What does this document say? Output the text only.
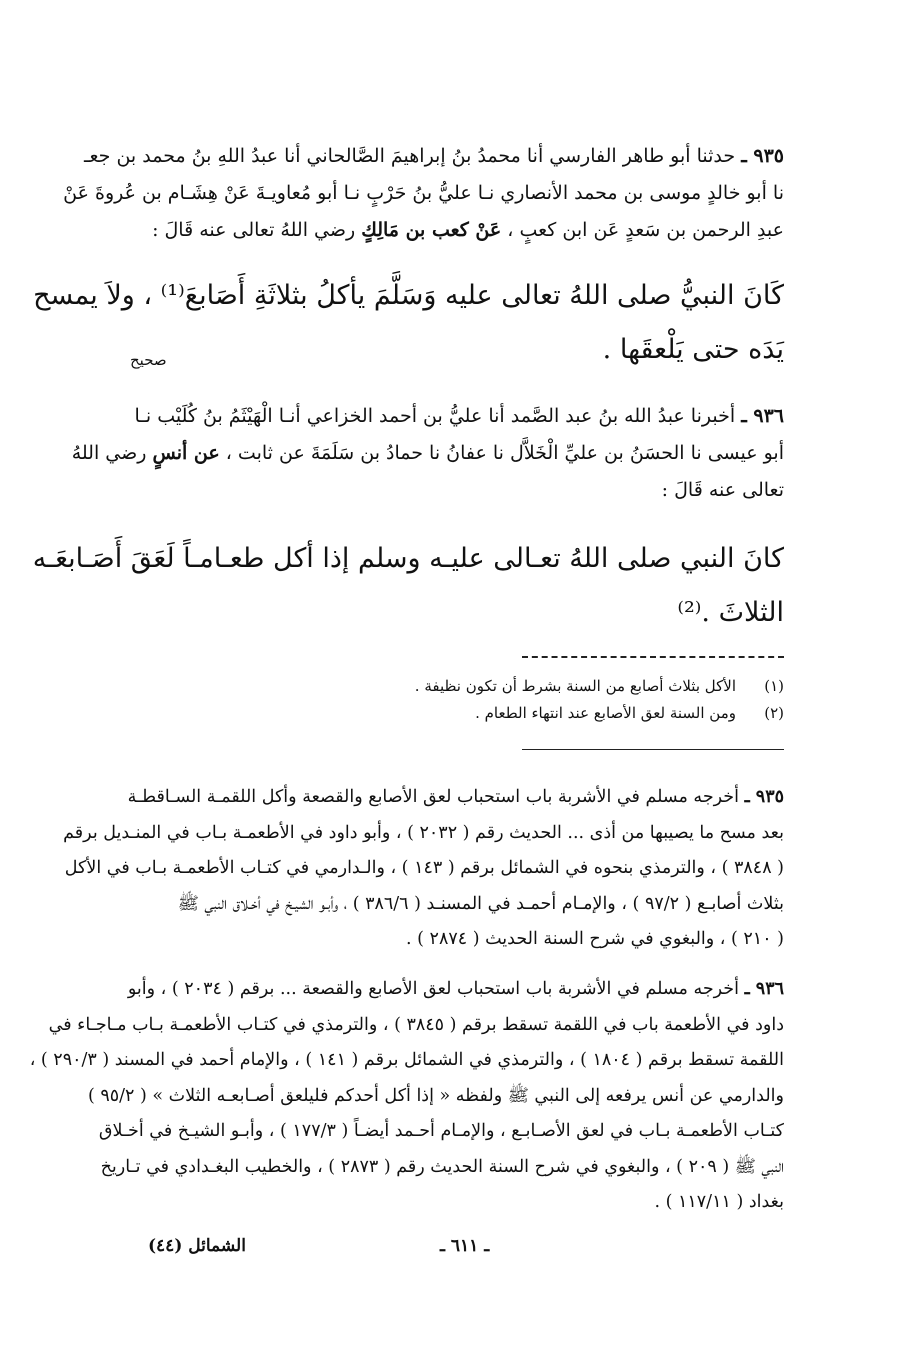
٩٣٥ ـ حدثنا أبو طاهر الفارسي أنا محمدُ بنُ إبراهيمَ الصَّالحاني أنا عبدُ اللهِ بنُ محمد بن جعـ
نا أبو خالدٍ موسى بن محمد الأنصاري نـا عليُّ بنُ حَرْبٍ نـا أبو مُعاويـةَ عَنْ هِشَـام بن عُروةَ عَنْ
عبدِ الرحمن بن سَعدٍ عَن ابن كعبٍ ، عَنْ كعب بن مَالِكٍ رضي اللهُ تعالى عنه قَالَ :
كَانَ النبيُّ صلى اللهُ تعالى عليه وَسَلَّمَ يأكلُ بثلاثَةِ أَصَابعَ⁽¹⁾ ، ولاَ يمسح
يَدَه حتى يَلْعقَها .
صحيح
٩٣٦ ـ أخبرنا عبدُ الله بنُ عبد الصَّمد أنا عليُّ بن أحمد الخزاعي أنـا الْهَيْثَمُ بنُ كُلَيْب نـا
أبو عيسى نا الحسَنُ بن عليِّ الْخَلاَّل نا عفانُ نا حمادُ بن سَلَمَةَ عن ثابت ، عن أنسٍ رضي اللهُ
تعالى عنه قَالَ :
كانَ النبي صلى اللهُ تعـالى عليـه وسلم إذا أكل طعـامـاً لَعَقَ أَصَـابعَـه
الثلاثَ .⁽²⁾
(١)الأكل بثلاث أصابع من السنة بشرط أن تكون نظيفة .
(٢)ومن السنة لعق الأصابع عند انتهاء الطعام .
٩٣٥ ـ أخرجه مسلم في الأشربة باب استحباب لعق الأصابع والقصعة وأكل اللقمـة السـاقطـة
بعد مسح ما يصيبها من أذى ... الحديث رقم ( ٢٠٣٢ ) ، وأبو داود في الأطعمـة بـاب في المنـديل برقم
( ٣٨٤٨ ) ، والترمذي بنحوه في الشمائل برقم ( ١٤٣ ) ، والـدارمي في كتـاب الأطعمـة بـاب في الأكل
بثلاث أصابـع ( ٩٧/٢ ) ، والإمـام أحمـد في المسنـد ( ٣٨٦/٦ ) ، وأبـو الشيـخ في أخـلاق النبي ﷺ
( ٢١٠ ) ، والبغوي في شرح السنة الحديث ( ٢٨٧٤ ) .
٩٣٦ ـ أخرجه مسلم في الأشربة باب استحباب لعق الأصابع والقصعة ... برقم ( ٢٠٣٤ ) ، وأبو
داود في الأطعمة باب في اللقمة تسقط برقم ( ٣٨٤٥ ) ، والترمذي في كتـاب الأطعمـة بـاب مـاجـاء في
اللقمة تسقط برقم ( ١٨٠٤ ) ، والترمذي في الشمائل برقم ( ١٤١ ) ، والإمام أحمد في المسند ( ٢٩٠/٣ ) ،
والدارمي عن أنس يرفعه إلى النبي ﷺ ولفظه « إذا أكل أحدكم فليلعق أصـابعـه الثلاث » ( ٩٥/٢ )
كتـاب الأطعمـة بـاب في لعق الأصـابـع ، والإمـام أحـمد أيضـاً ( ١٧٧/٣ ) ، وأبـو الشيـخ في أخـلاق
النبي ﷺ ( ٢٠٩ ) ، والبغوي في شرح السنة الحديث رقم ( ٢٨٧٣ ) ، والخطيب البغـدادي في تـاريخ
بغداد ( ١١٧/١١ ) .
ـ ٦١١ ـ
الشمائل (٤٤)
